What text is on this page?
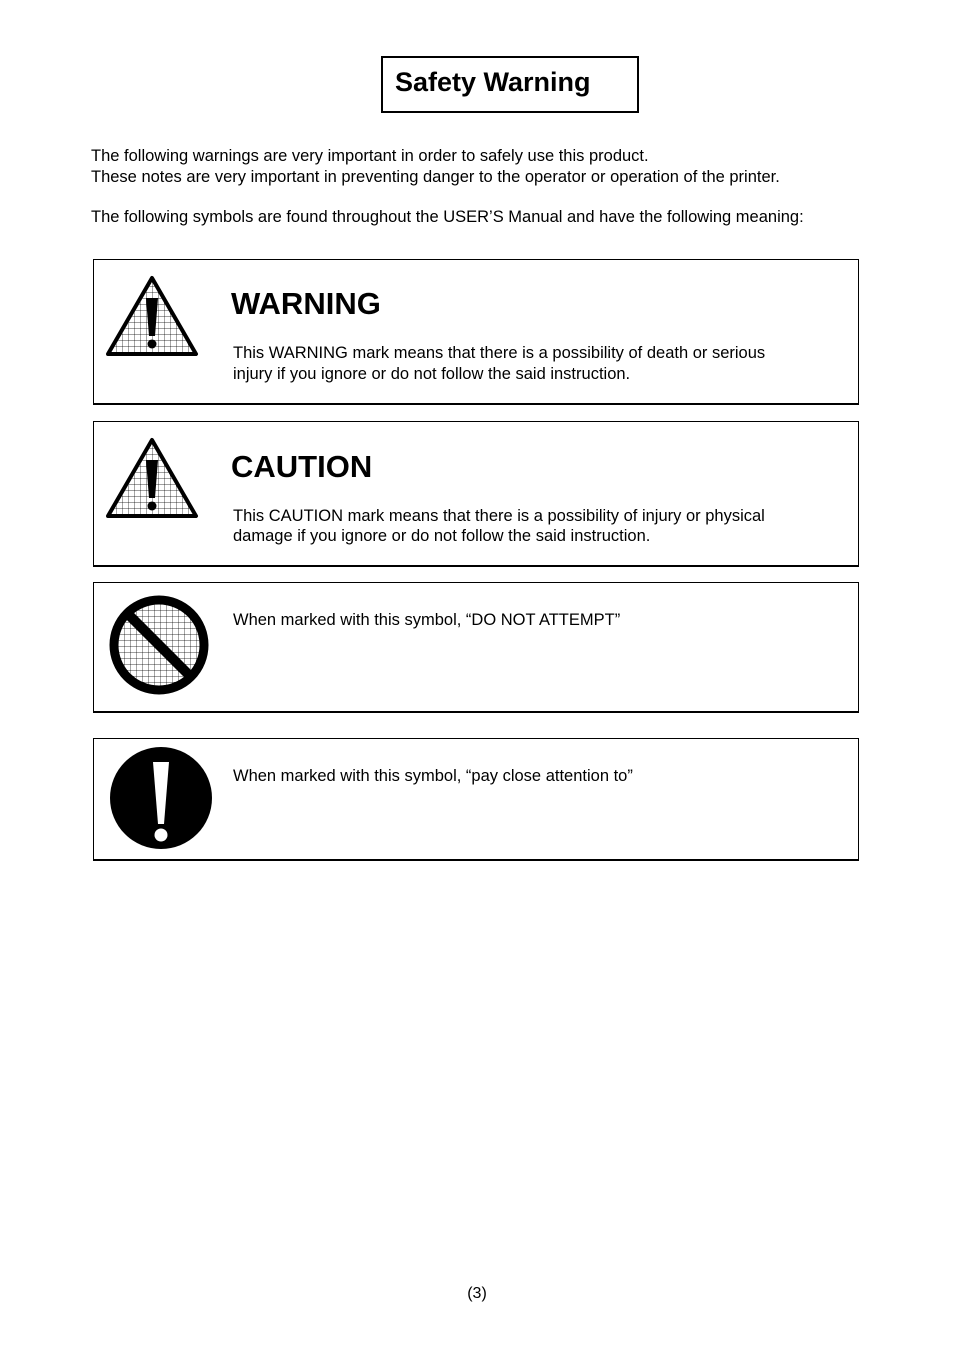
Safety Warning
The following warnings are very important in order to safely use this product.
These notes are very important in preventing danger to the operator or operation of the printer.
The following symbols are found throughout the USER’S Manual and have the following meaning:
WARNING
This WARNING mark means that there is a possibility of death or serious
injury if you ignore or do not follow the said instruction.
CAUTION
This CAUTION mark means that there is a possibility of injury or physical
damage if you ignore or do not follow the said instruction.
When marked with this symbol, “DO NOT ATTEMPT”
When marked with this symbol, “pay close attention to”
(3)
